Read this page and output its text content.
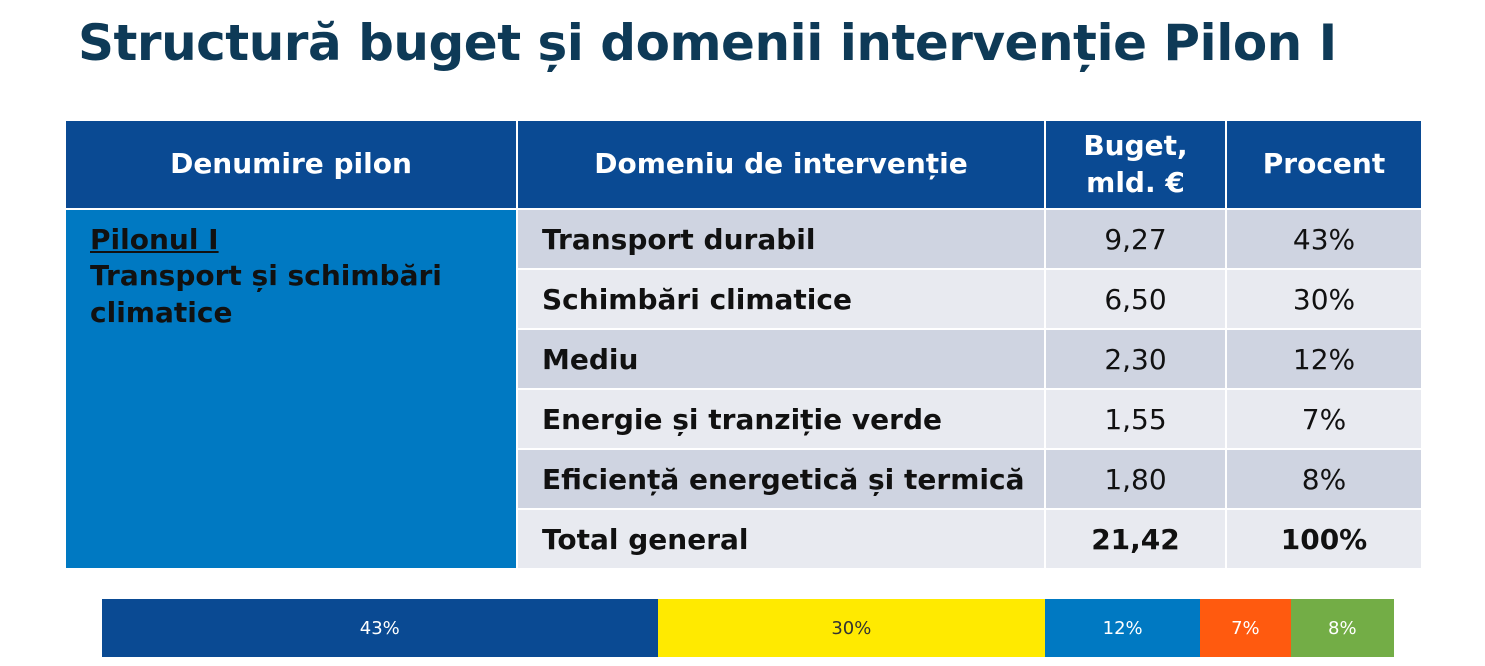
Structură buget și domenii intervenție Pilon I
Denumire pilon	Domeniu de intervenție	Buget,
mld. €	Procent

Pilonul I
Transport și schimbări climatice	Transport durabil	9,27	43%
	Schimbări climatice	6,50	30%
	Mediu	2,30	12%
	Energie și tranziție verde	1,55	7%
	Eficiență energetică și termică	1,80	8%
	Total general	21,42	100%
43%	30%	12%	7%	8%
